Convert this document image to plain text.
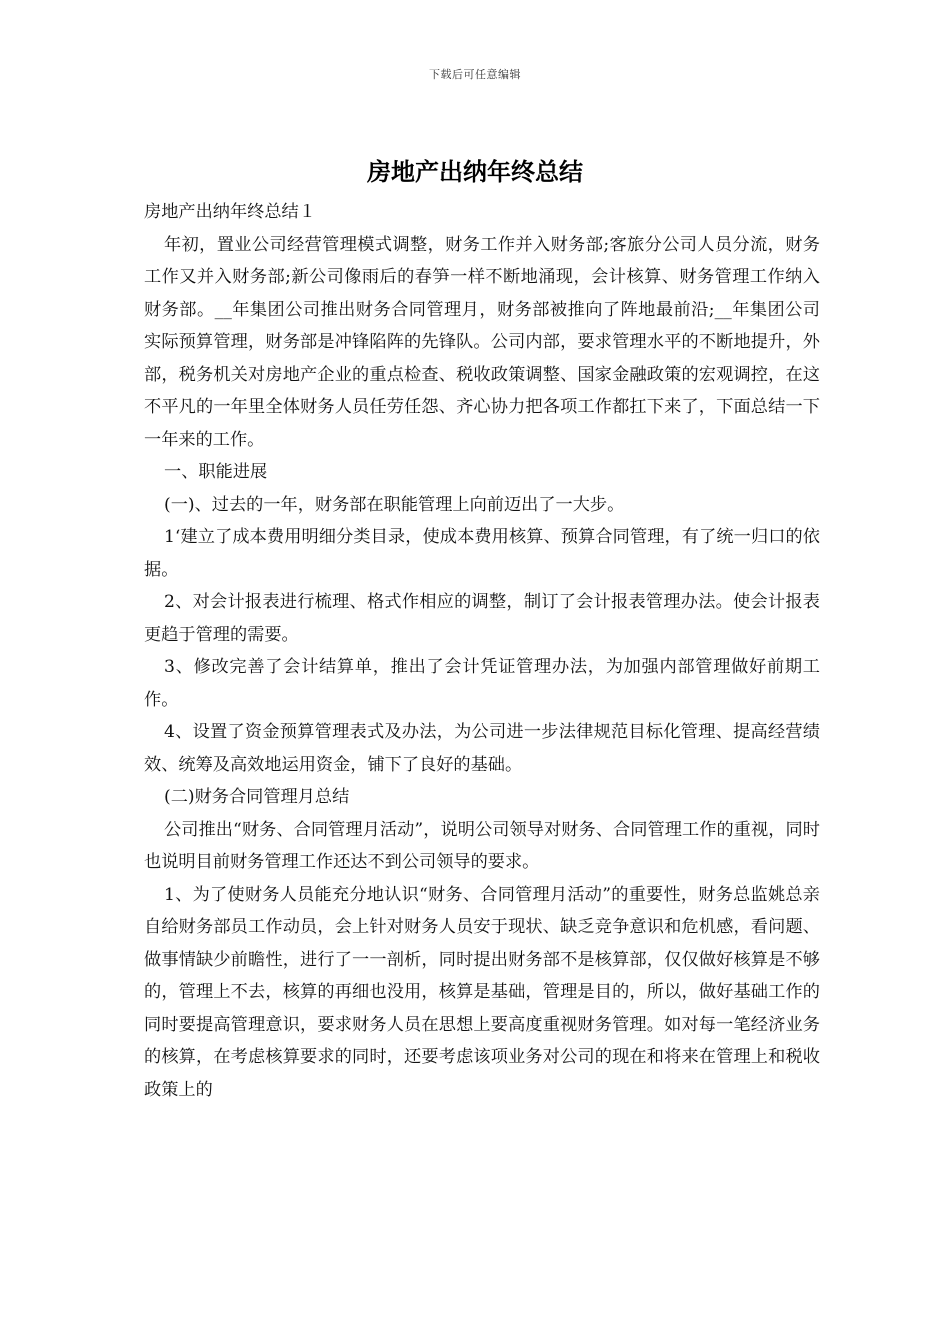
下载后可任意编辑
房地产出纳年终总结

房地产出纳年终总结１

年初，置业公司经营管理模式调整，财务工作并入财务部;客旅分公司人员分流，财务工作又并入财务部;新公司像雨后的春笋一样不断地涌现，会计核算、财务管理工作纳入财务部。__年集团公司推出财务合同管理月，财务部被推向了阵地最前沿;__年集团公司实际预算管理，财务部是冲锋陷阵的先锋队。公司内部，要求管理水平的不断地提升，外部，税务机关对房地产企业的重点检查、税收政策调整、国家金融政策的宏观调控，在这不平凡的一年里全体财务人员任劳任怨、齐心协力把各项工作都扛下来了，下面总结一下一年来的工作。

一、职能进展

(一)、过去的一年，财务部在职能管理上向前迈出了一大步。

1‘建立了成本费用明细分类目录，使成本费用核算、预算合同管理，有了统一归口的依据。

2、对会计报表进行梳理、格式作相应的调整，制订了会计报表管理办法。使会计报表更趋于管理的需要。

3、修改完善了会计结算单，推出了会计凭证管理办法，为加强内部管理做好前期工作。

4、设置了资金预算管理表式及办法，为公司进一步法律规范目标化管理、提高经营绩效、统筹及高效地运用资金，铺下了良好的基础。

(二)财务合同管理月总结

公司推出“财务、合同管理月活动”，说明公司领导对财务、合同管理工作的重视，同时也说明目前财务管理工作还达不到公司领导的要求。

1、为了使财务人员能充分地认识“财务、合同管理月活动”的重要性，财务总监姚总亲自给财务部员工作动员，会上针对财务人员安于现状、缺乏竞争意识和危机感，看问题、做事情缺少前瞻性，进行了一一剖析，同时提出财务部不是核算部，仅仅做好核算是不够的，管理上不去，核算的再细也没用，核算是基础，管理是目的，所以，做好基础工作的同时要提高管理意识，要求财务人员在思想上要高度重视财务管理。如对每一笔经济业务的核算，在考虑核算要求的同时，还要考虑该项业务对公司的现在和将来在管理上和税收政策上的
